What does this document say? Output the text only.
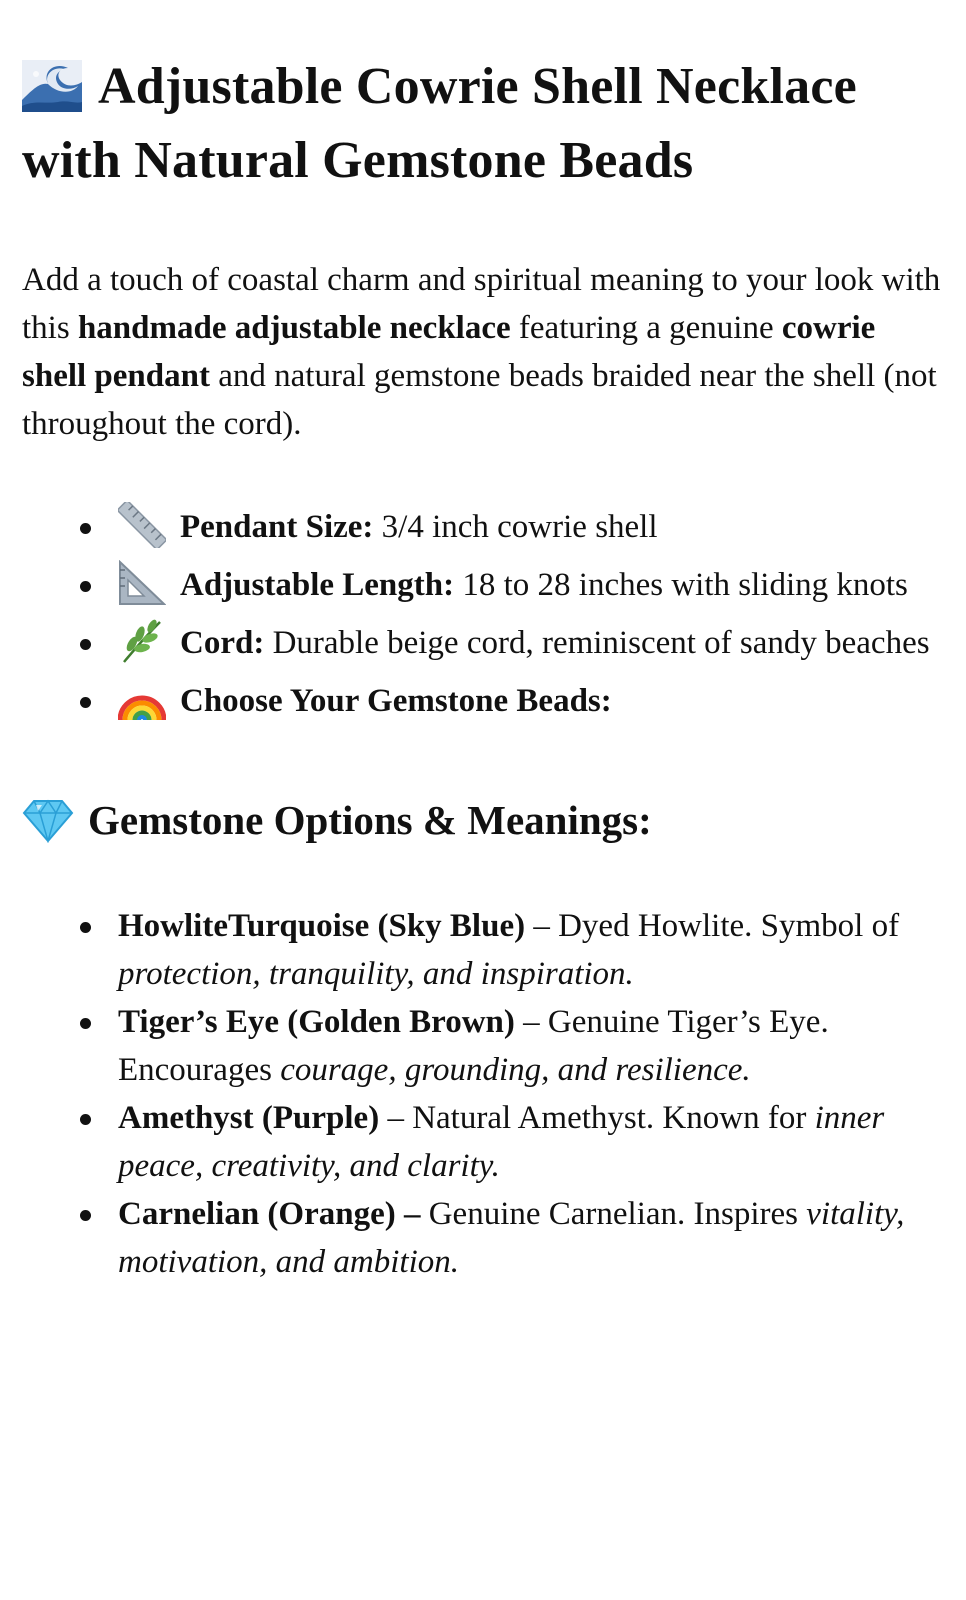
Adjustable Cowrie Shell Necklace with Natural Gemstone Beads

Add a touch of coastal charm and spiritual meaning to your look with this handmade adjustable necklace featuring a genuine cowrie shell pendant and natural gemstone beads braided near the shell (not throughout the cord).

Pendant Size: 3/4 inch cowrie shell
Adjustable Length: 18 to 28 inches with sliding knots
Cord: Durable beige cord, reminiscent of sandy beaches
Choose Your Gemstone Beads:
Gemstone Options & Meanings:
HowliteTurquoise (Sky Blue) – Dyed Howlite. Symbol of protection, tranquility, and inspiration.
Tiger’s Eye (Golden Brown) – Genuine Tiger’s Eye. Encourages courage, grounding, and resilience.
Amethyst (Purple) – Natural Amethyst. Known for inner peace, creativity, and clarity.
Carnelian (Orange) – Genuine Carnelian. Inspires vitality, motivation, and ambition.
